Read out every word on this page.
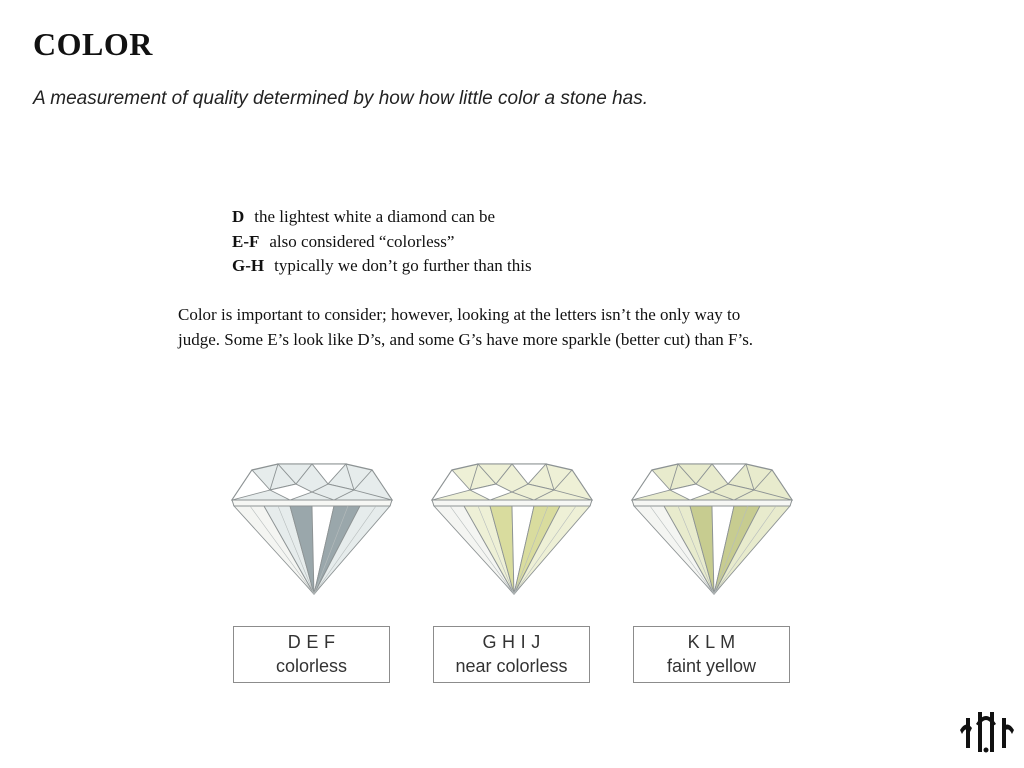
COLOR
A measurement of quality determined by how how little color a stone has.
D the lightest white a diamond can be
E-F also considered “colorless”
G-H typically we don’t go further than this
Color is important to consider; however, looking at the letters isn’t the only way to
judge. Some E’s look like D’s, and some G’s have more sparkle (better cut) than F’s.
D E F
colorless
G H I J
near colorless
K L M
faint yellow
